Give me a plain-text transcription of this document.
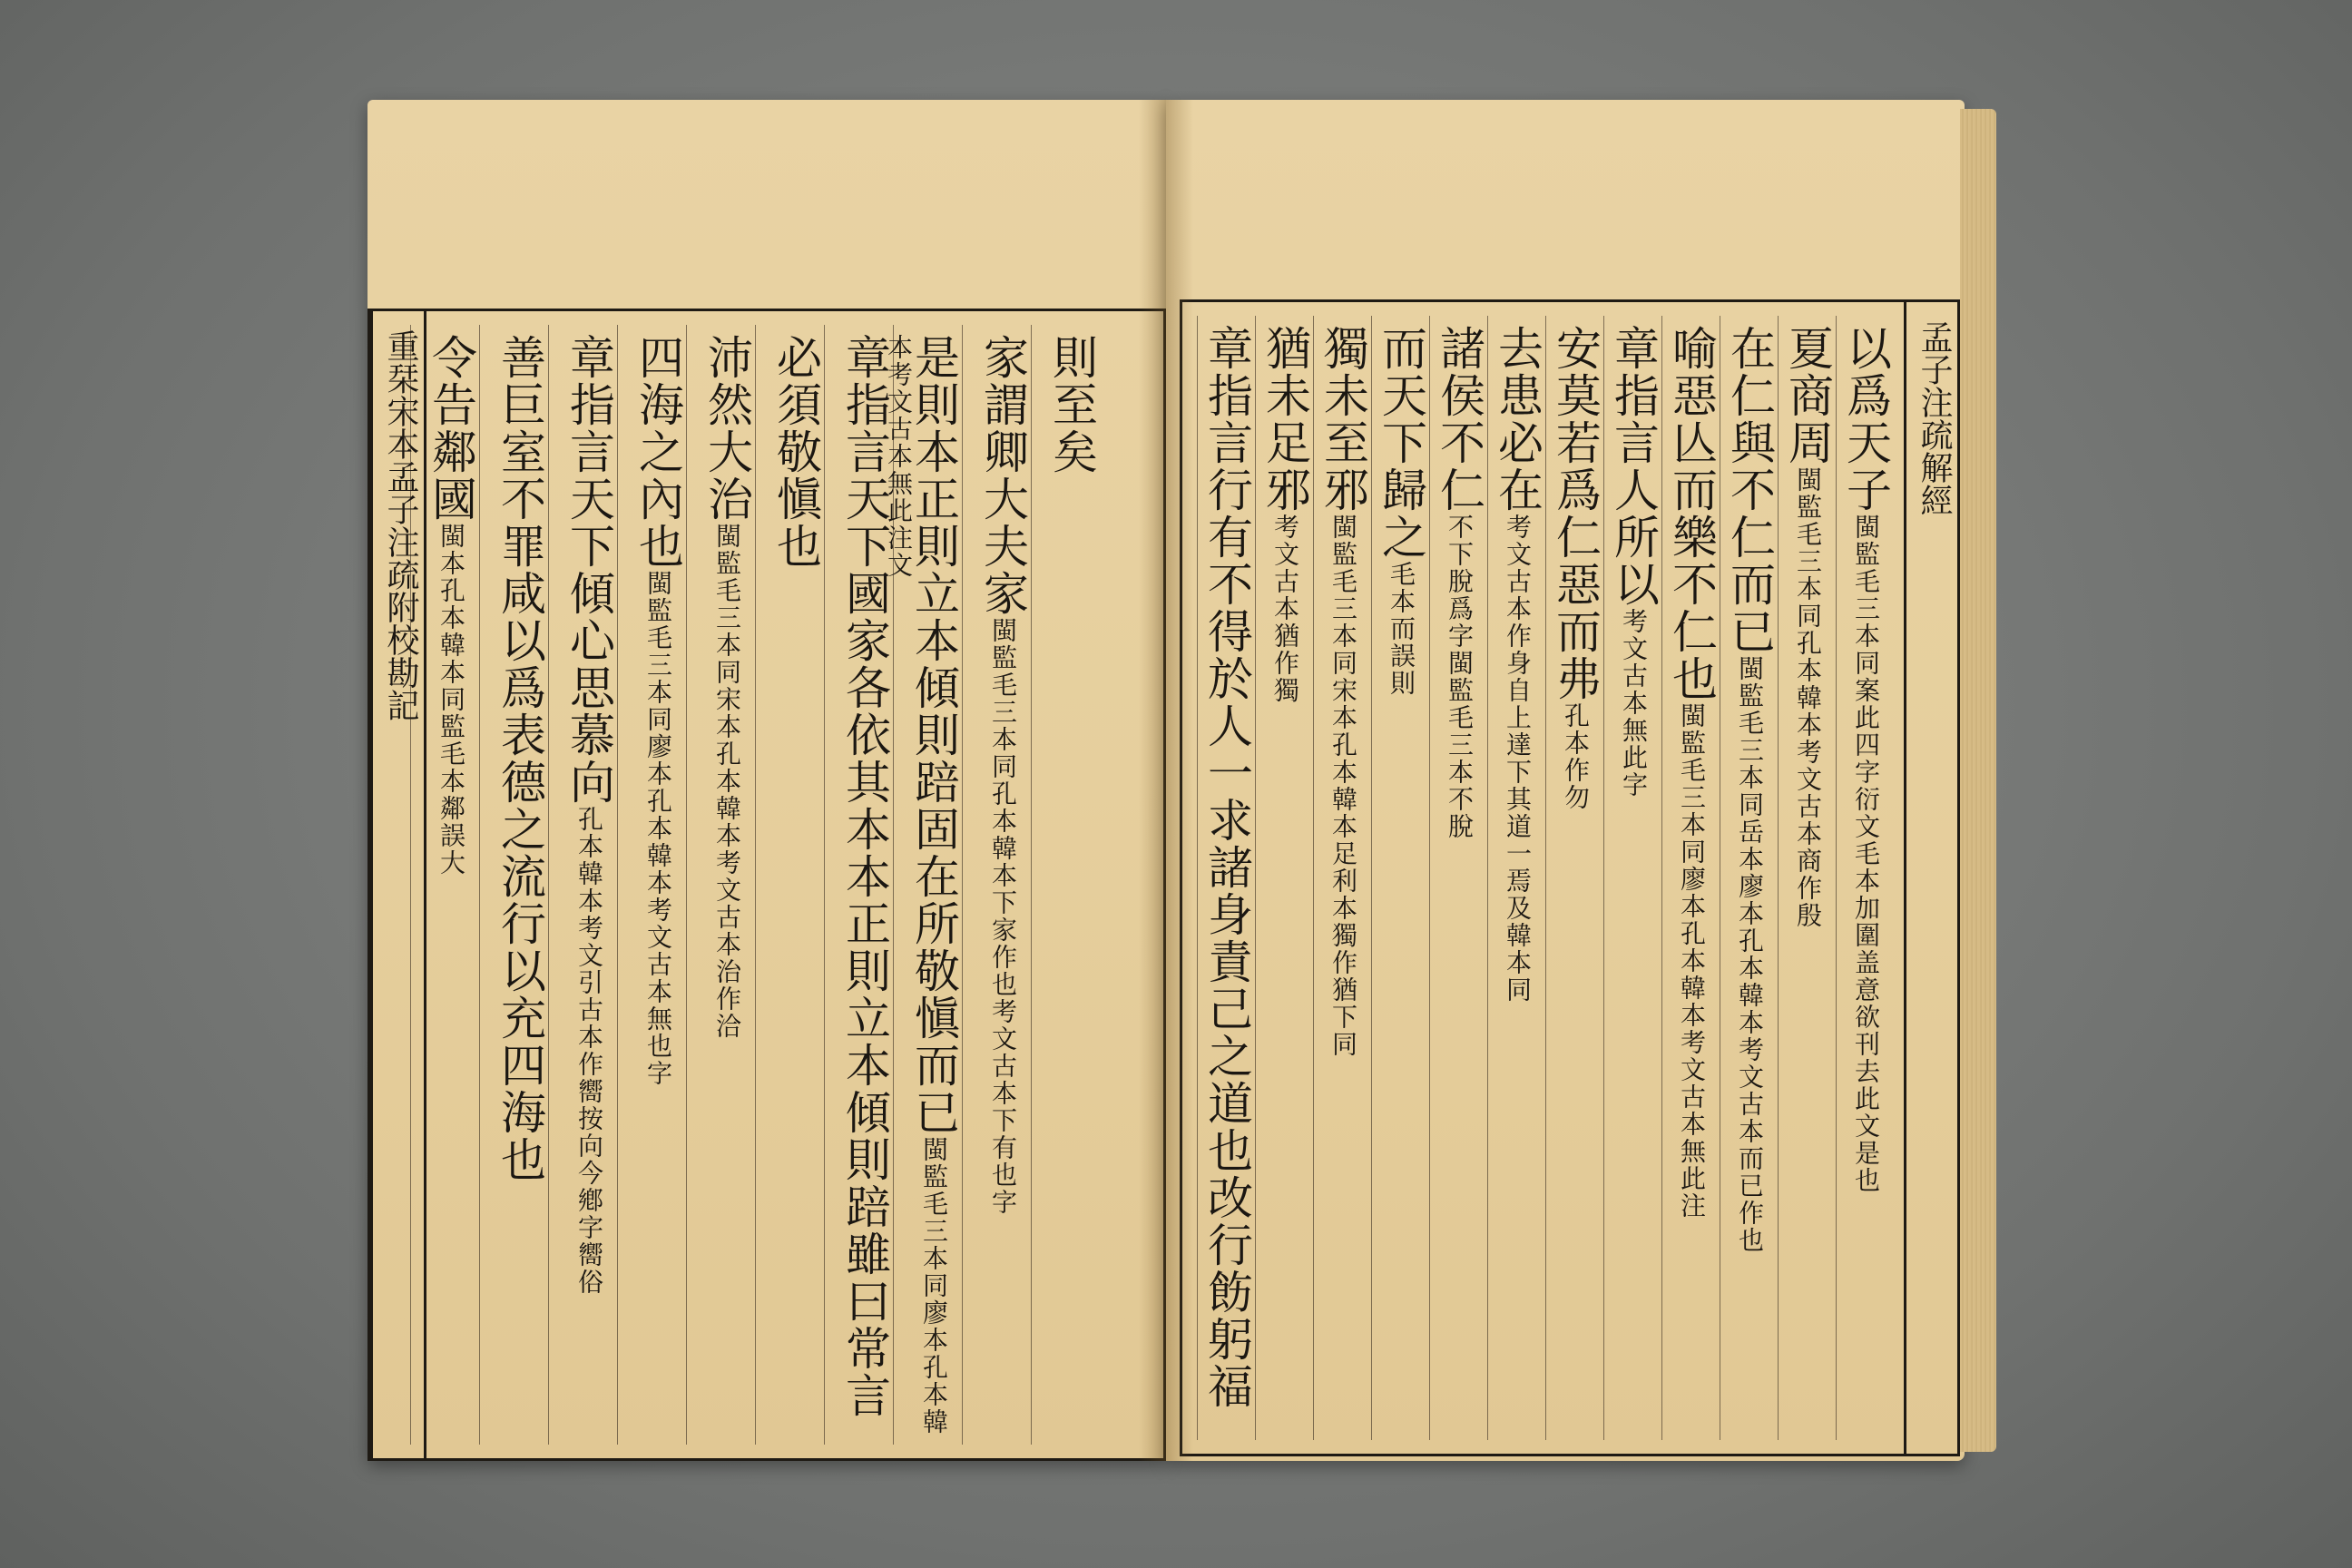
重栞宋本孟子注疏附校勘記	則至矣
家謂卿大夫家閩監毛三本同孔本韓本下家作也考文古本下有也字
是則本正則立本傾則踣固在所敬愼而已閩監毛三本同廖本孔本韓本考文古本無此注文
章指言天下國家各依其本本正則立本傾則踣雖曰常言
必須敬愼也
沛然大治閩監毛三本同宋本孔本韓本考文古本治作洽
四海之內也閩監毛三本同廖本孔本韓本考文古本無也字
章指言天下傾心思慕向孔本韓本考文引古本作嚮按向今鄕字嚮俗
善巨室不罪咸以爲表德之流行以充四海也
令告鄰國閩本孔本韓本同監毛本鄰誤大
以爲天子閩監毛三本同案此四字衍文毛本加圍盖意欲刊去此文是也
夏商周閩監毛三本同孔本韓本考文古本商作殷
在仁與不仁而已閩監毛三本同岳本廖本孔本韓本考文古本而已作也
喻惡亾而樂不仁也閩監毛三本同廖本孔本韓本考文古本無此注
章指言人所以考文古本無此字
安莫若爲仁惡而弗孔本作勿
去患必在考文古本作身自上達下其道一焉及韓本同
諸侯不仁不下脫爲字閩監毛三本不脫
而天下歸之毛本而誤則
獨未至邪閩監毛三本同宋本孔本韓本足利本獨作猶下同
猶未足邪考文古本猶作獨
章指言行有不得於人一求諸身責己之道也改行飭躬福	孟子注疏解經
